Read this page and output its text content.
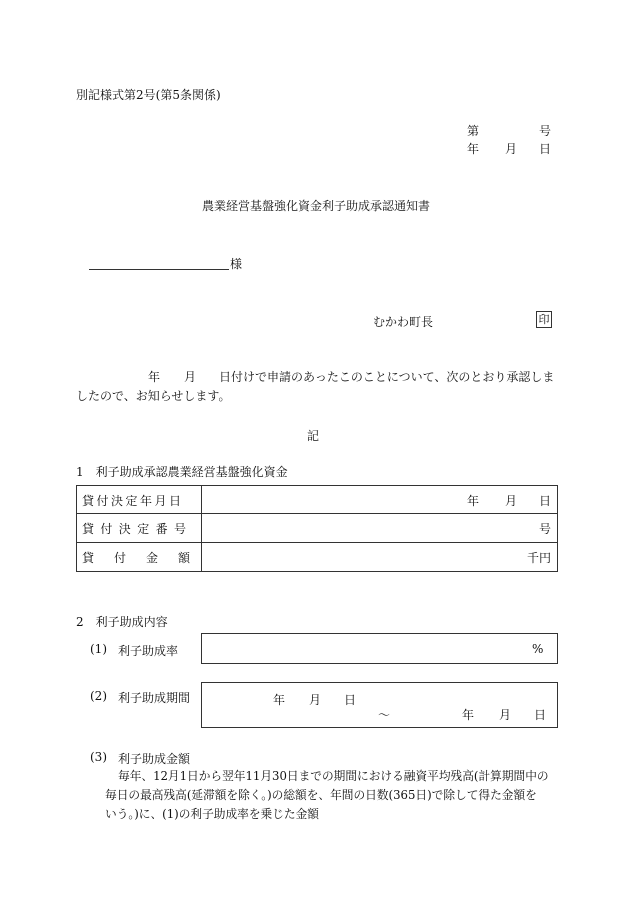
別記様式第2号(第5条関係)
第	号
年 月 日
農業経営基盤強化資金利子助成承認通知書
様
むかわ町長	印
年 月 日付けで申請のあったこのことについて、次のとおり承認しま
したので、お知らせします。
記
1　利子助成承認農業経営基盤強化資金
貸付決定年月日	年 月 日
貸付決定番号	号
貸付金額	千円
2　利子助成内容
(1) 利子助成率	%
(2) 利子助成期間	年 月 日
〜	年 月 日
(3) 利子助成金額
毎年、12月1日から翌年11月30日までの期間における融資平均残高(計算期間中の
毎日の最高残高(延滞額を除く。)の総額を、年間の日数(365日)で除して得た金額を
いう。)に、(1)の利子助成率を乗じた金額
